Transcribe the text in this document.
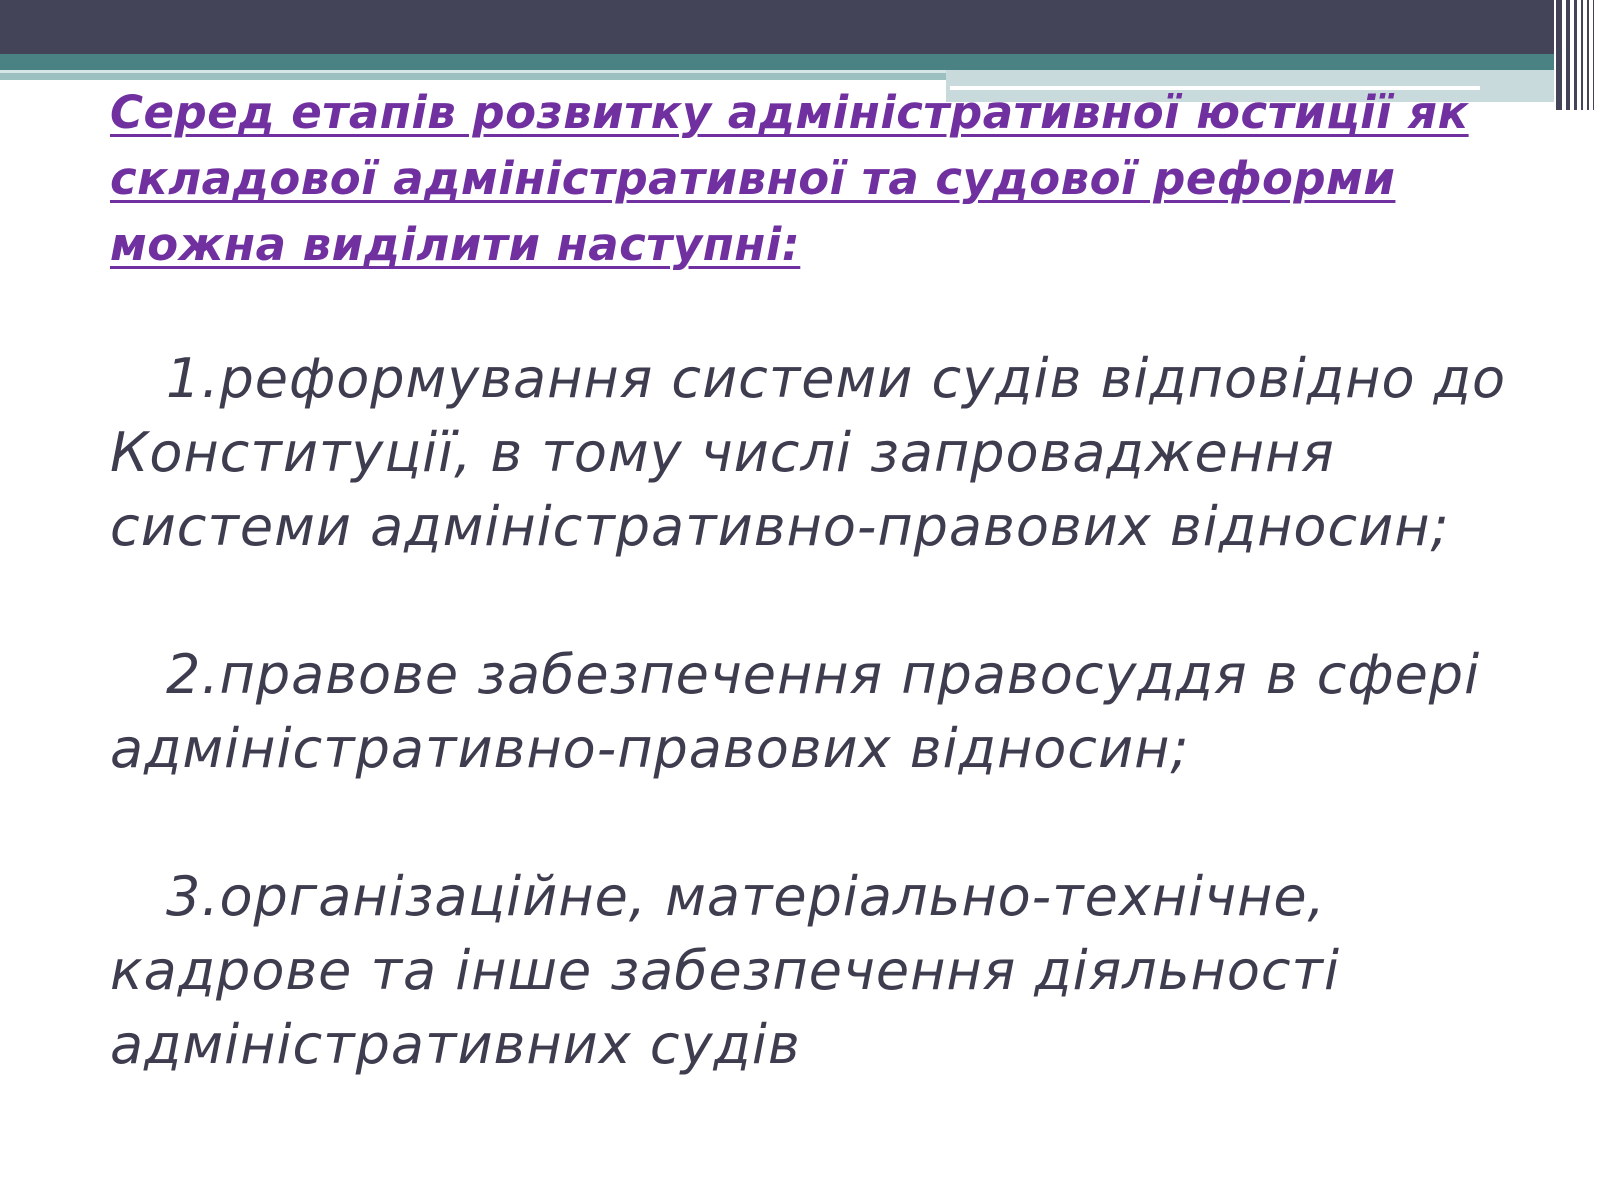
Серед етапів розвитку адміністративної юстиції як складової адміністративної та судової реформи можна виділити наступні:

1.реформування системи судів відповідно до Конституції, в тому числі запровадження системи адміністративно-правових відносин;
2.правове забезпечення правосуддя в сфері адміністративно-правових відносин;
3.організаційне, матеріально-технічне, кадрове та інше забезпечення діяльності адміністративних судів
